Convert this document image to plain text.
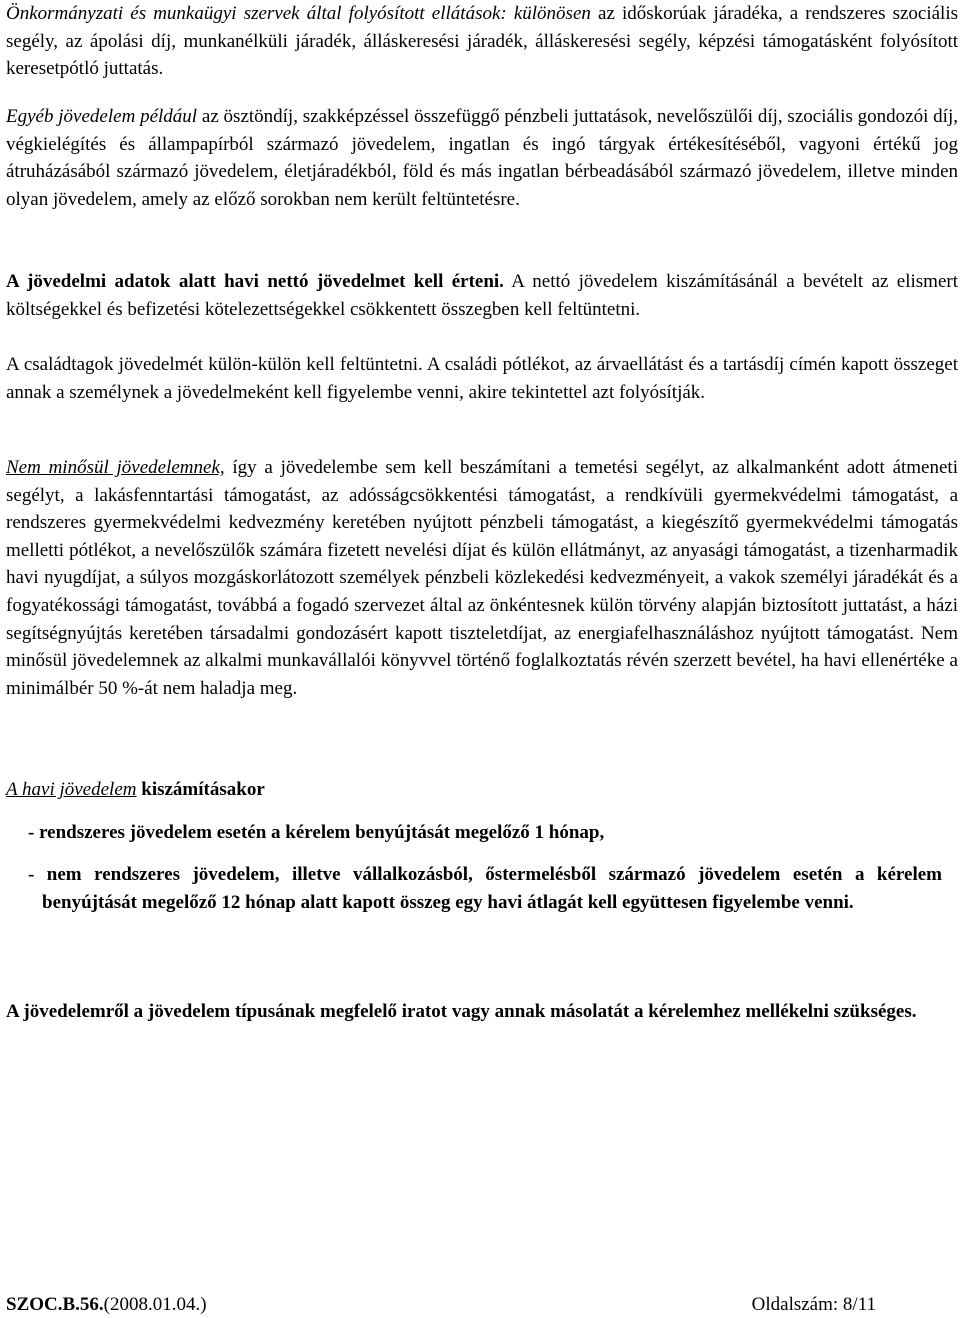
Önkormányzati és munkaügyi szervek által folyósított ellátások: különösen az időskorúak járadéka, a rendszeres szociális segély, az ápolási díj, munkanélküli járadék, álláskeresési járadék, álláskeresési segély, képzési támogatásként folyósított keresetpótló juttatás.

Egyéb jövedelem például az ösztöndíj, szakképzéssel összefüggő pénzbeli juttatások, nevelőszülői díj, szociális gondozói díj, végkielégítés és állampapírból származó jövedelem, ingatlan és ingó tárgyak értékesítéséből, vagyoni értékű jog átruházásából származó jövedelem, életjáradékból, föld és más ingatlan bérbeadásából származó jövedelem, illetve minden olyan jövedelem, amely az előző sorokban nem került feltüntetésre.

A jövedelmi adatok alatt havi nettó jövedelmet kell érteni. A nettó jövedelem kiszámításánál a bevételt az elismert költségekkel és befizetési kötelezettségekkel csökkentett összegben kell feltüntetni.

A családtagok jövedelmét külön-külön kell feltüntetni. A családi pótlékot, az árvaellátást és a tartásdíj címén kapott összeget annak a személynek a jövedelmeként kell figyelembe venni, akire tekintettel azt folyósítják.

Nem minősül jövedelemnek, így a jövedelembe sem kell beszámítani a temetési segélyt, az alkalmanként adott átmeneti segélyt, a lakásfenntartási támogatást, az adósságcsökkentési támogatást, a rendkívüli gyermekvédelmi támogatást, a rendszeres gyermekvédelmi kedvezmény keretében nyújtott pénzbeli támogatást, a kiegészítő gyermekvédelmi támogatás melletti pótlékot, a nevelőszülők számára fizetett nevelési díjat és külön ellátmányt, az anyasági támogatást, a tizenharmadik havi nyugdíjat, a súlyos mozgáskorlátozott személyek pénzbeli közlekedési kedvezményeit, a vakok személyi járadékát és a fogyatékossági támogatást, továbbá a fogadó szervezet által az önkéntesnek külön törvény alapján biztosított juttatást, a házi segítségnyújtás keretében társadalmi gondozásért kapott tiszteletdíjat, az energiafelhasználáshoz nyújtott támogatást. Nem minősül jövedelemnek az alkalmi munkavállalói könyvvel történő foglalkoztatás révén szerzett bevétel, ha havi ellenértéke a minimálbér 50 %-át nem haladja meg.

A havi jövedelem kiszámításakor

- rendszeres jövedelem esetén a kérelem benyújtását megelőző 1 hónap,

- nem rendszeres jövedelem, illetve vállalkozásból, őstermelésből származó jövedelem esetén a kérelem benyújtását megelőző 12 hónap alatt kapott összeg egy havi átlagát kell együttesen figyelembe venni.

A jövedelemről a jövedelem típusának megfelelő iratot vagy annak másolatát a kérelemhez mellékelni szükséges.

SZOC.B.56.(2008.01.04.)	Oldalszám: 8/11
